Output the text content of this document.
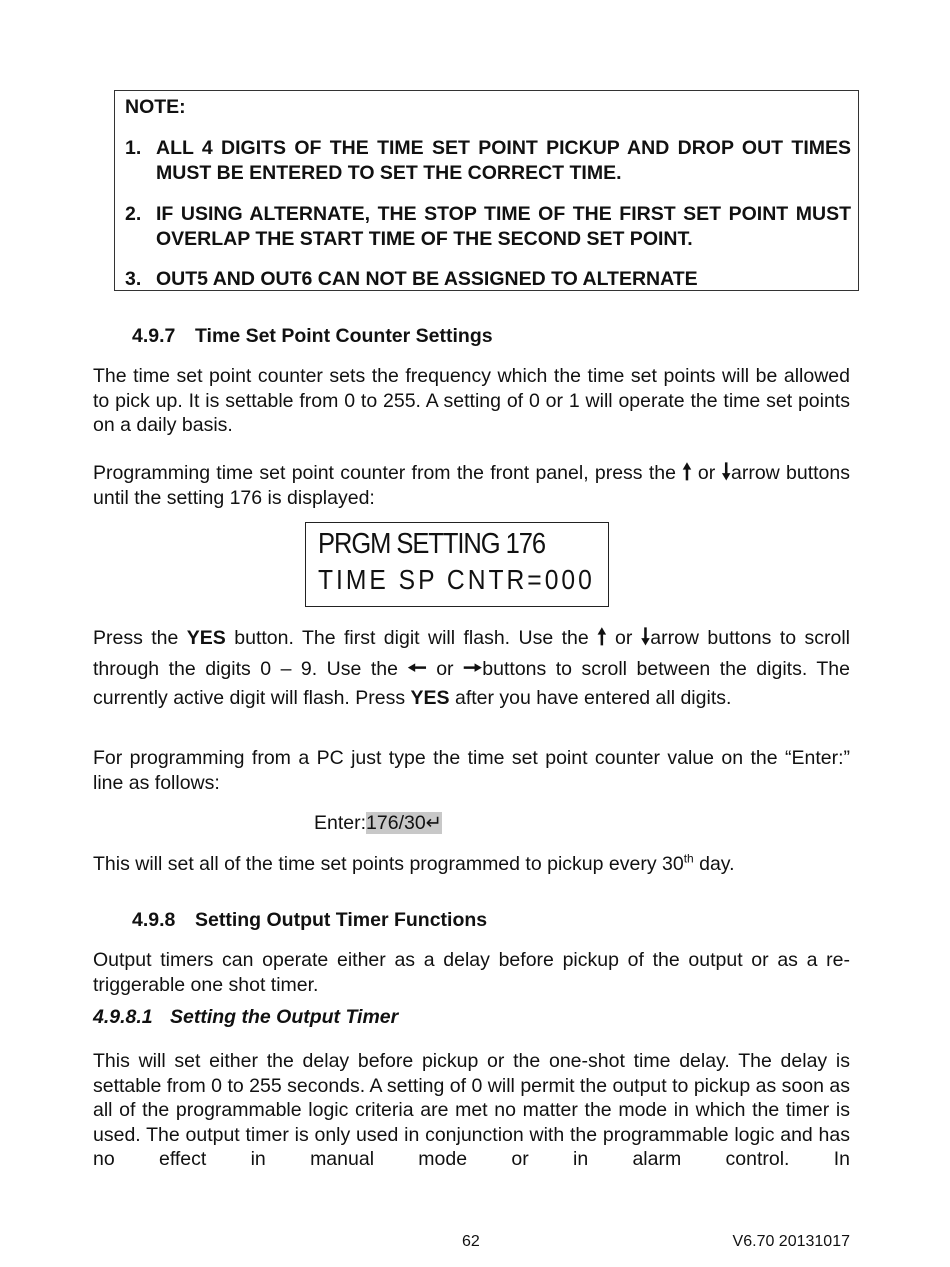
NOTE:
1. ALL 4 DIGITS OF THE TIME SET POINT PICKUP AND DROP OUT TIMES MUST BE ENTERED TO SET THE CORRECT TIME.
2. IF USING ALTERNATE, THE STOP TIME OF THE FIRST SET POINT MUST OVERLAP THE START TIME OF THE SECOND SET POINT.
3. OUT5 AND OUT6 CAN NOT BE ASSIGNED TO ALTERNATE
4.9.7 Time Set Point Counter Settings

The time set point counter sets the frequency which the time set points will be allowed to pick up. It is settable from 0 to 255. A setting of 0 or 1 will operate the time set points on a daily basis.

Programming time set point counter from the front panel, press the 🠕 or 🠗arrow buttons until the setting 176 is displayed:

PRGM SETTING 176
TIME SP CNTR=000

Press the YES button. The first digit will flash. Use the 🠕 or 🠗arrow buttons to scroll through the digits 0 – 9. Use the 🠔 or 🠖buttons to scroll between the digits. The currently active digit will flash. Press YES after you have entered all digits.

For programming from a PC just type the time set point counter value on the “Enter:” line as follows:

Enter:176/30↵

This will set all of the time set points programmed to pickup every 30th day.

4.9.8 Setting Output Timer Functions

Output timers can operate either as a delay before pickup of the output or as a re-triggerable one shot timer.

4.9.8.1 Setting the Output Timer

This will set either the delay before pickup or the one-shot time delay. The delay is settable from 0 to 255 seconds. A setting of 0 will permit the output to pickup as soon as all of the programmable logic criteria are met no matter the mode in which the timer is used. The output timer is only used in conjunction with the programmable logic and has no effect in manual mode or in alarm control. In

62	V6.70 20131017
